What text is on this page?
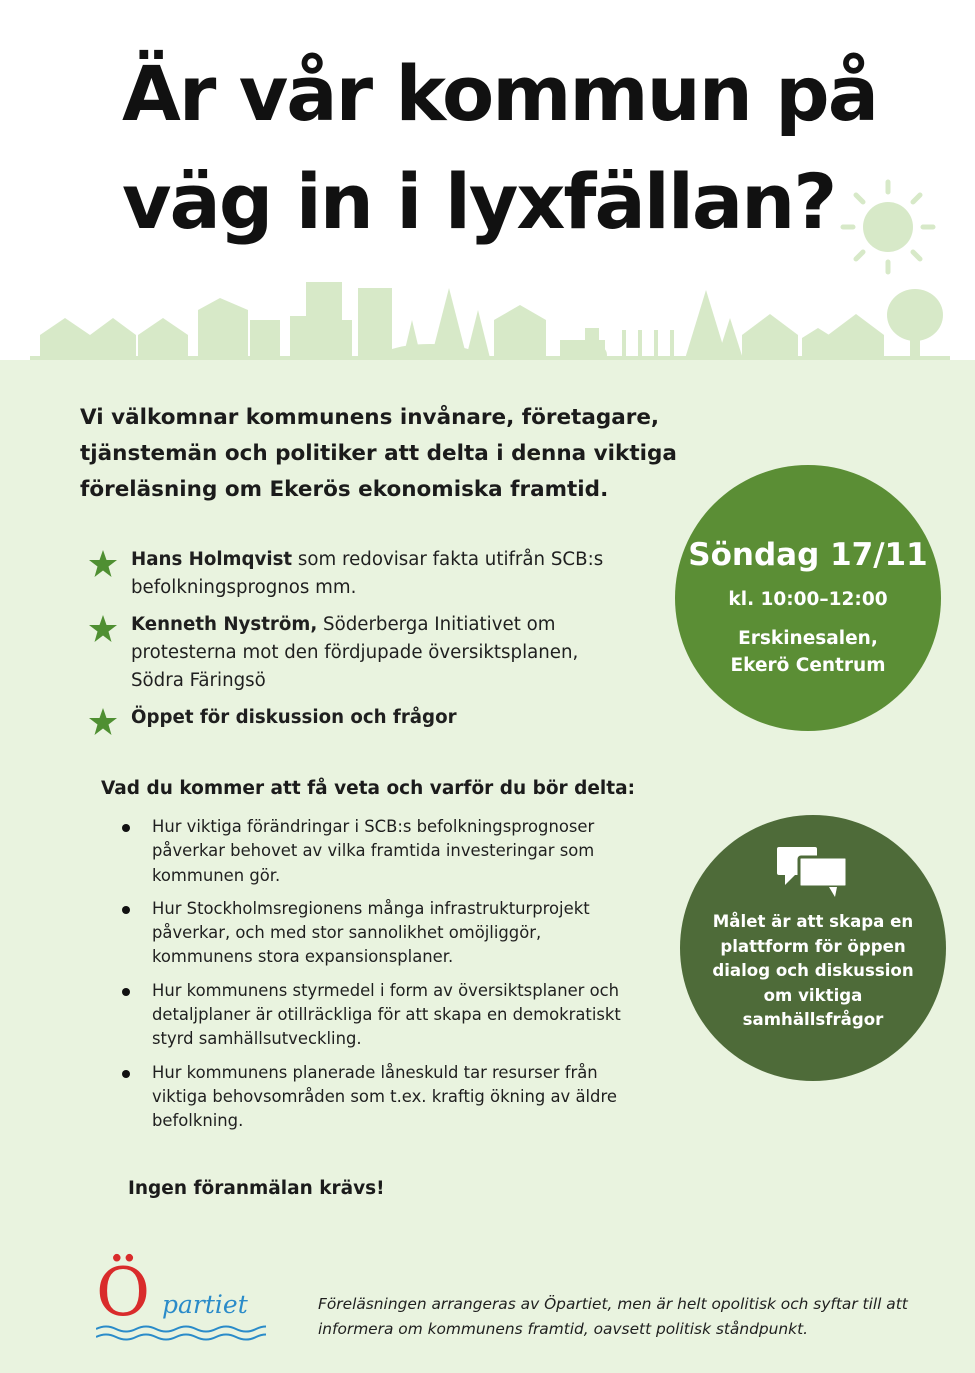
Är vår kommun på
väg in i lyxfällan?
Vi välkomnar kommunens invånare, företagare, tjänstemän och politiker att delta i denna viktiga föreläsning om Ekerös ekonomiska framtid.
Hans Holmqvist som redovisar fakta utifrån SCB:s befolkningsprognos mm.
Kenneth Nyström, Söderberga Initiativet om protesterna mot den fördjupade översiktsplanen, Södra Färingsö
Öppet för diskussion och frågor
Vad du kommer att få veta och varför du bör delta:
Hur viktiga förändringar i SCB:s befolkningsprognoser påverkar behovet av vilka framtida investeringar som kommunen gör.
Hur Stockholmsregionens många infrastrukturprojekt påverkar, och med stor sannolikhet omöjliggör, kommunens stora expansionsplaner.
Hur kommunens styrmedel i form av översiktsplaner och detaljplaner är otillräckliga för att skapa en demokratiskt styrd samhällsutveckling.
Hur kommunens planerade låneskuld tar resurser från viktiga behovsområden som t.ex. kraftig ökning av äldre befolkning.
Ingen föranmälan krävs!
Söndag 17/11
kl. 10:00–12:00
Erskinesalen,
Ekerö Centrum
Målet är att skapa en plattform för öppen dialog och diskussion om viktiga samhällsfrågor
Ö partiet	Föreläsningen arrangeras av Öpartiet, men är helt opolitisk och syftar till att informera om kommunens framtid, oavsett politisk ståndpunkt.
